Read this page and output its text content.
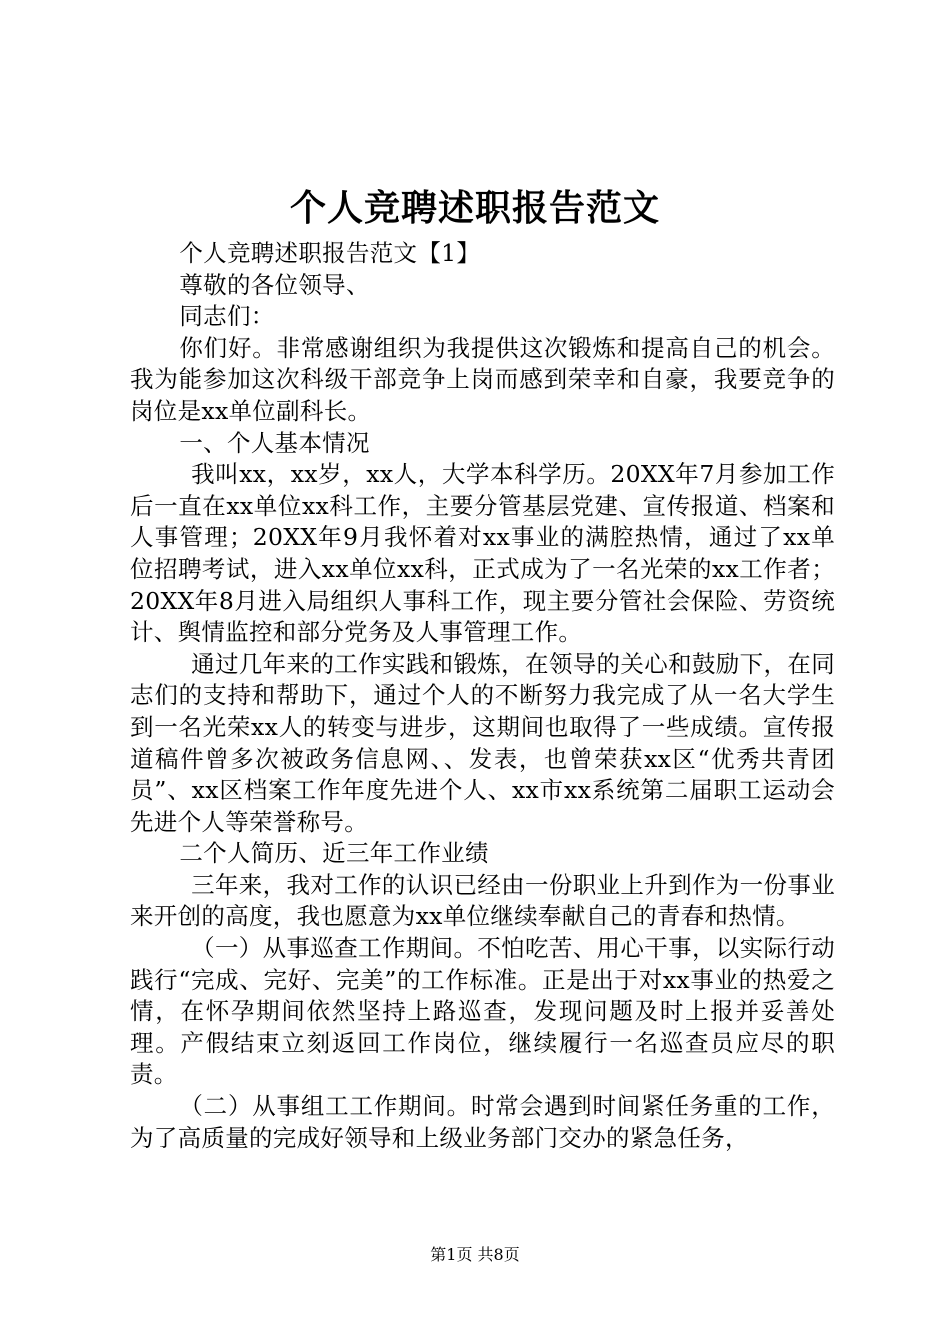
个人竞聘述职报告范文

个人竞聘述职报告范文【1】

尊敬的各位领导、

同志们：

你们好。非常感谢组织为我提供这次锻炼和提高自己的机会。我为能参加这次科级干部竞争上岗而感到荣幸和自豪，我要竞争的岗位是xx单位副科长。

一、个人基本情况

我叫xx，xx岁，xx人，大学本科学历。20XX年7月参加工作后一直在xx单位xx科工作，主要分管基层党建、宣传报道、档案和人事管理；20XX年9月我怀着对xx事业的满腔热情，通过了xx单位招聘考试，进入xx单位xx科，正式成为了一名光荣的xx工作者；20XX年8月进入局组织人事科工作，现主要分管社会保险、劳资统计、舆情监控和部分党务及人事管理工作。

通过几年来的工作实践和锻炼，在领导的关心和鼓励下，在同志们的支持和帮助下，通过个人的不断努力我完成了从一名大学生到一名光荣xx人的转变与进步，这期间也取得了一些成绩。宣传报道稿件曾多次被政务信息网、、发表，也曾荣获xx区“优秀共青团员”、xx区档案工作年度先进个人、xx市xx系统第二届职工运动会先进个人等荣誉称号。

二个人简历、近三年工作业绩

三年来，我对工作的认识已经由一份职业上升到作为一份事业来开创的高度，我也愿意为xx单位继续奉献自己的青春和热情。

（一）从事巡查工作期间。不怕吃苦、用心干事，以实际行动践行“完成、完好、完美”的工作标准。正是出于对xx事业的热爱之情，在怀孕期间依然坚持上路巡查，发现问题及时上报并妥善处理。产假结束立刻返回工作岗位，继续履行一名巡查员应尽的职责。

（二）从事组工工作期间。时常会遇到时间紧任务重的工作，为了高质量的完成好领导和上级业务部门交办的紧急任务，

第1页 共8页
